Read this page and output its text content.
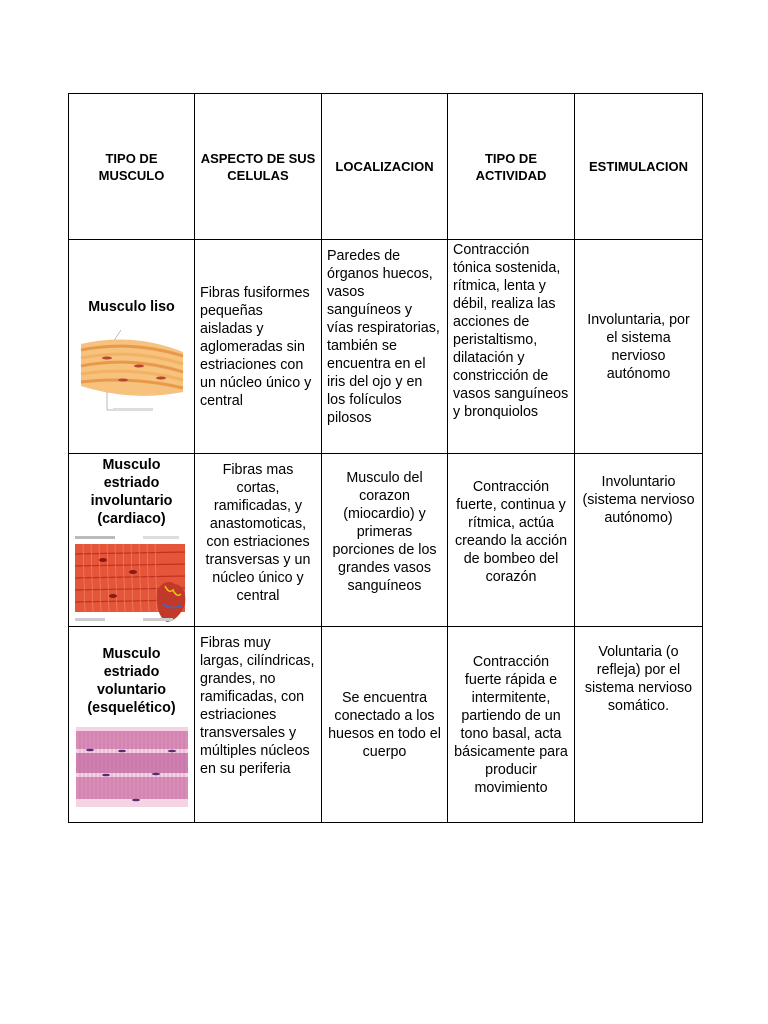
TIPO DE MUSCULO	ASPECTO DE SUS CELULAS	LOCALIZACION	TIPO DE ACTIVIDAD	ESTIMULACION

Musculo liso	Fibras fusiformes pequeñas aisladas y aglomeradas sin estriaciones con un núcleo único y central	Paredes de órganos huecos, vasos sanguíneos y vías respiratorias, también se encuentra en el iris del ojo y en los folículos pilosos	Contracción tónica sostenida, rítmica, lenta y débil, realiza las acciones de peristaltismo, dilatación y constricción de vasos sanguíneos y bronquiolos	Involuntaria, por el sistema nervioso autónomo

Musculo estriado involuntario (cardiaco)	Fibras mas cortas, ramificadas, y anastomoticas, con estriaciones transversas y un núcleo único y central	Musculo del corazon (miocardio) y primeras porciones de los grandes vasos sanguíneos	Contracción fuerte, continua y rítmica, actúa creando la acción de bombeo del corazón	Involuntario (sistema nervioso autónomo)

Musculo estriado voluntario (esquelético)	Fibras muy largas, cilíndricas, grandes, no ramificadas, con estriaciones transversales y múltiples núcleos en su periferia	Se encuentra conectado a los huesos en todo el cuerpo	Contracción fuerte rápida e intermitente, partiendo de un tono basal, acta básicamente para producir movimiento	Voluntaria (o refleja) por el sistema nervioso somático.
